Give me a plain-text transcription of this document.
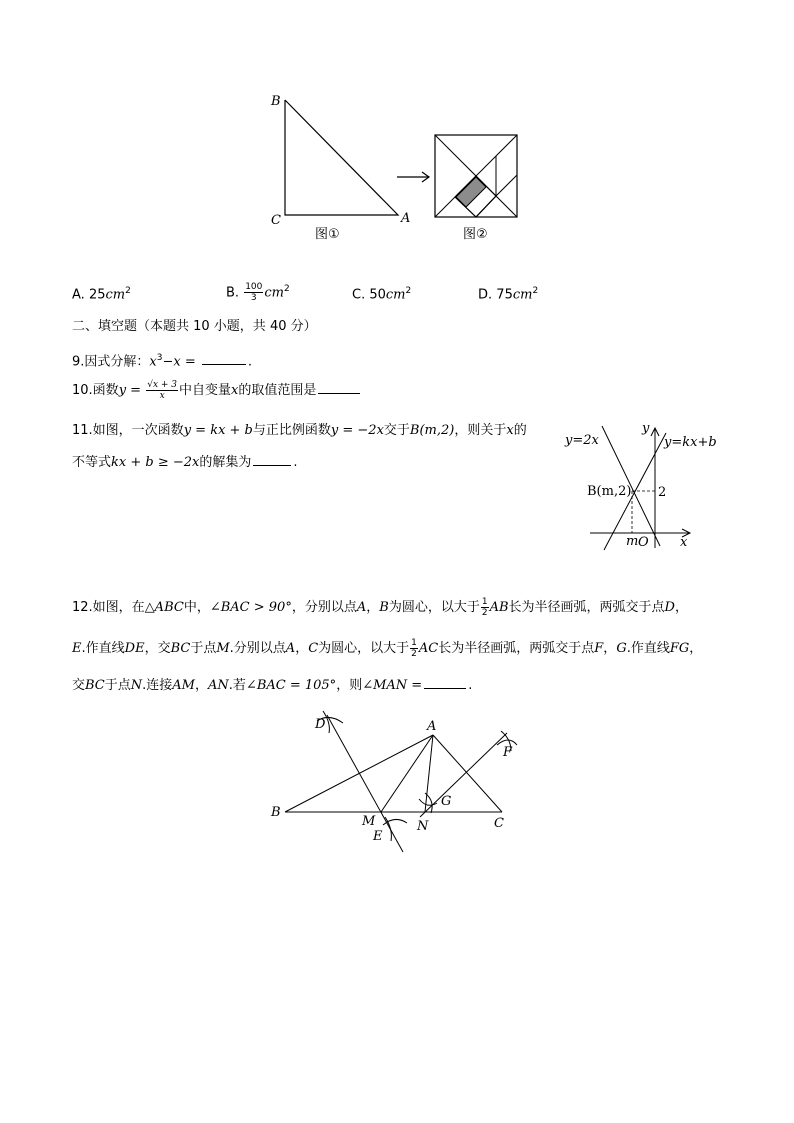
B
C	A
图①	图②
A. $25cm^2$	B. $\frac{100}{3} cm^2$	C. $50cm^2$	D. $75cm^2$
二、填空题（本题共 10 小题，共 40 分）
9.因式分解：$x^3-x$ =	.
10.函数$y = \frac{√x + 3}{x}$ 中自变量x的取值范围是
11.如图，一次函数y = kx + b与正比例函数y = −2x交于B(m,2)，则关于x的
不等式kx + b ≥ −2x的解集为	.
y=2x	y=kx+b
y
x
B(m,2) 2
m O
12.如图，在△ABC中，∠BAC > 90°，分别以点A，B为圆心，以大于 $\frac{1}{2}$ AB长为半径画弧，两弧交于点D，
E.作直线DE，交BC于点M.分别以点A，C为圆心，以大于 $\frac{1}{2}$ AC长为半径画弧，两弧交于点F，G.作直线FG，
交BC于点N.连接AM，AN.若∠BAC = 105°，则∠MAN =	.
D	A
F
G
B
M	N	C
E
